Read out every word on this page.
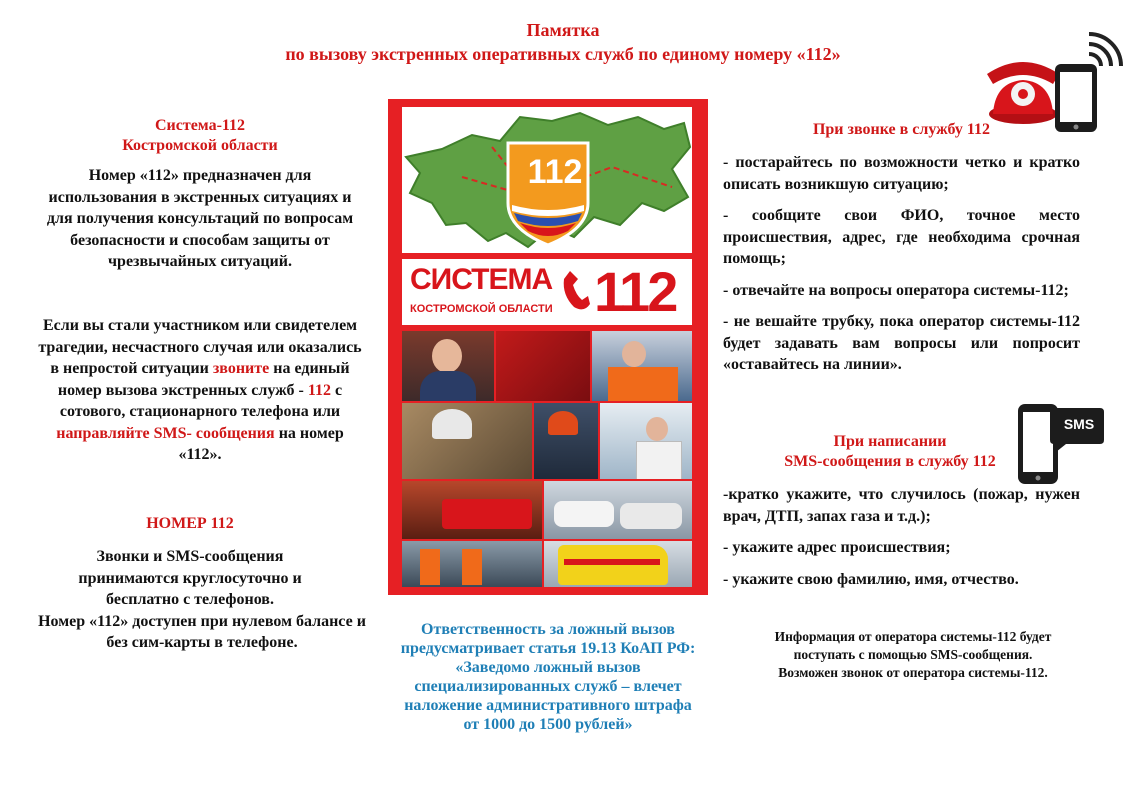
Памятка
по вызову экстренных оперативных служб по единому номеру «112»
Система-112
Костромской области
Номер «112» предназначен для использования в экстренных ситуациях и для получения консультаций по вопросам безопасности и способам защиты от чрезвычайных ситуаций.
Если вы стали участником или свидетелем трагедии, несчастного случая или оказались в непростой ситуации звоните на единый номер вызова экстренных служб - 112 с сотового, стационарного телефона или направляйте SMS- сообщения на номер «112».
НОМЕР 112
Звонки и SMS-сообщения принимаются круглосуточно и бесплатно с телефонов.
Номер «112» доступен при нулевом балансе и без сим-карты в телефоне.
112
СИСТЕМА
КОСТРОМСКОЙ ОБЛАСТИ 112
Ответственность за ложный вызов
предусматривает статья 19.13 КоАП РФ:
«Заведомо ложный вызов
специализированных служб – влечет
наложение административного штрафа
от 1000 до 1500 рублей»
При звонке в службу 112
- постарайтесь по возможности четко и кратко описать возникшую ситуацию;
- сообщите свои ФИО, точное место происшествия, адрес, где необходима срочная помощь;
- отвечайте на вопросы оператора системы-112;
- не вешайте трубку, пока оператор системы-112 будет задавать вам вопросы или попросит «оставайтесь на линии».
SMS
При написании
SMS-сообщения в службу 112
-кратко укажите, что случилось (пожар, нужен врач, ДТП, запах газа и т.д.);
- укажите адрес происшествия;
- укажите свою фамилию, имя, отчество.
Информация от оператора системы-112 будет
поступать с помощью SMS-сообщения.
Возможен звонок от оператора системы-112.
